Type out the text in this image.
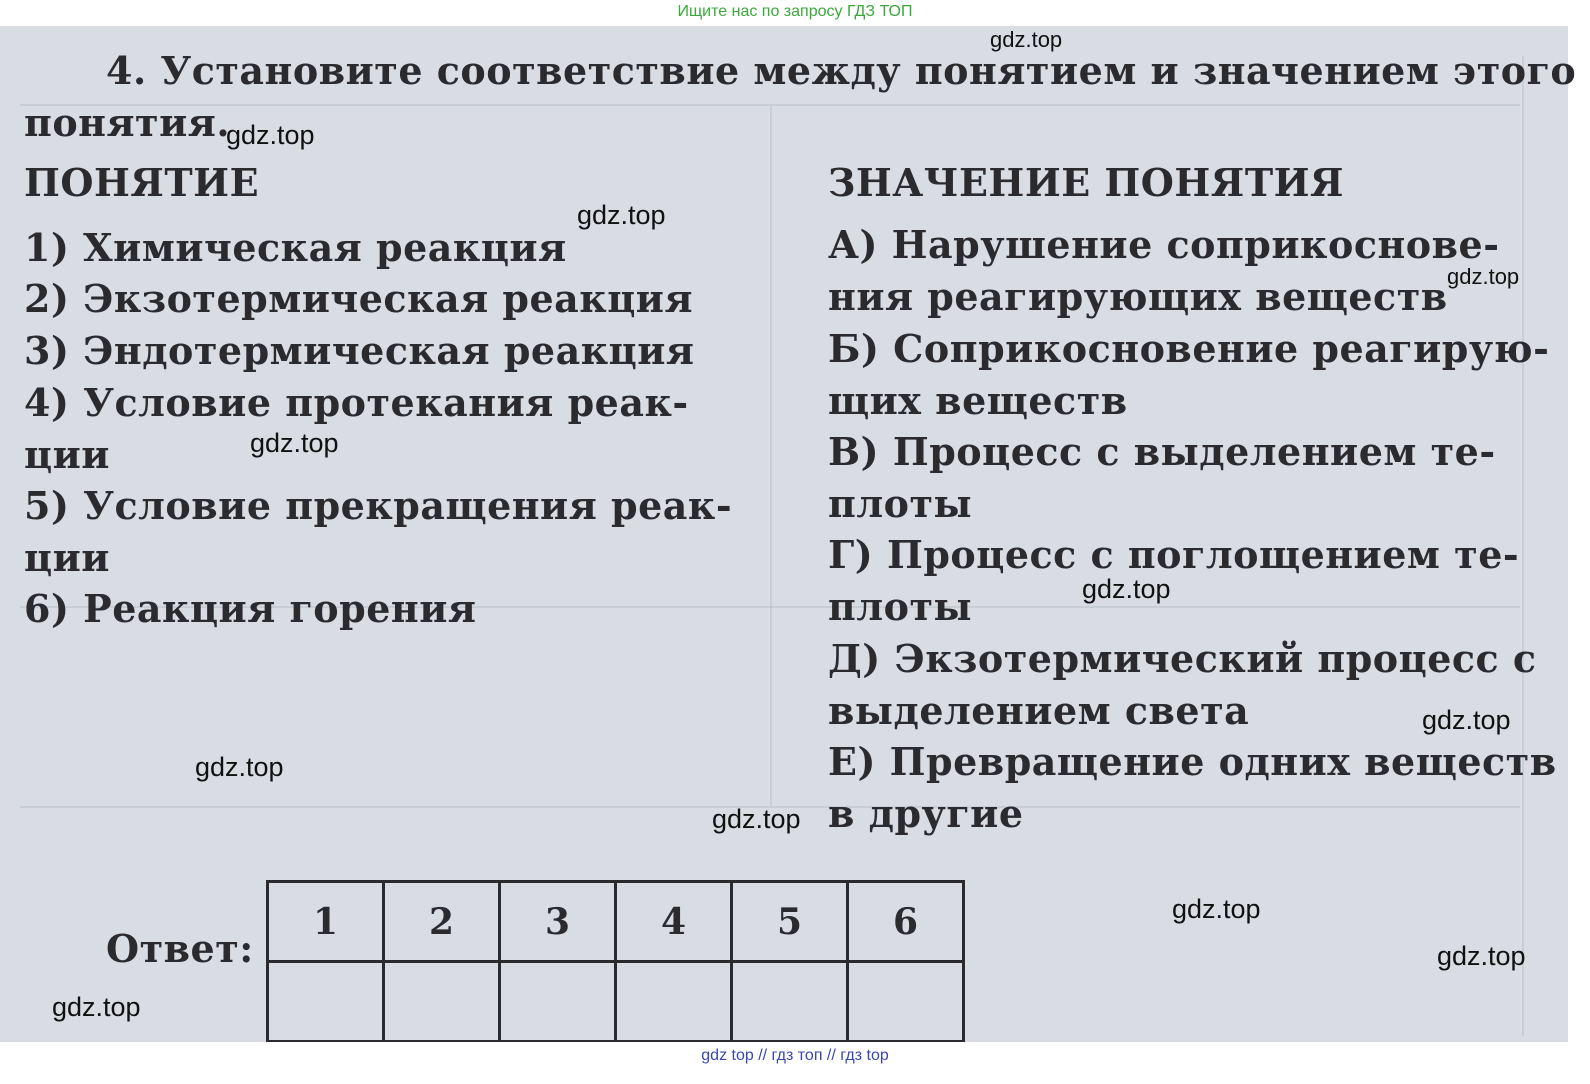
Ищите нас по запросу ГДЗ ТОП
4. Установите соответствие между понятием и значением этого
понятия.
ПОНЯТИЕ
1) Химическая реакция
2) Экзотермическая реакция
3) Эндотермическая реакция
4) Условие протекания реак-
ции
5) Условие прекращения реак-
ции
6) Реакция горения
ЗНАЧЕНИЕ ПОНЯТИЯ
А) Нарушение соприкоснове-
ния реагирующих веществ
Б) Соприкосновение реагирую-
щих веществ
В) Процесс с выделением те-
плоты
Г) Процесс с поглощением те-
плоты
Д) Экзотермический процесс с
выделением света
Е) Превращение одних веществ
в другие
Ответ:
1	2	3	4	5	6

gdz.top
gdz.top
gdz.top
gdz.top
gdz.top
gdz.top
gdz.top
gdz.top
gdz.top
gdz.top
gdz.top
gdz.top
gdz top // гдз топ // гдз top
